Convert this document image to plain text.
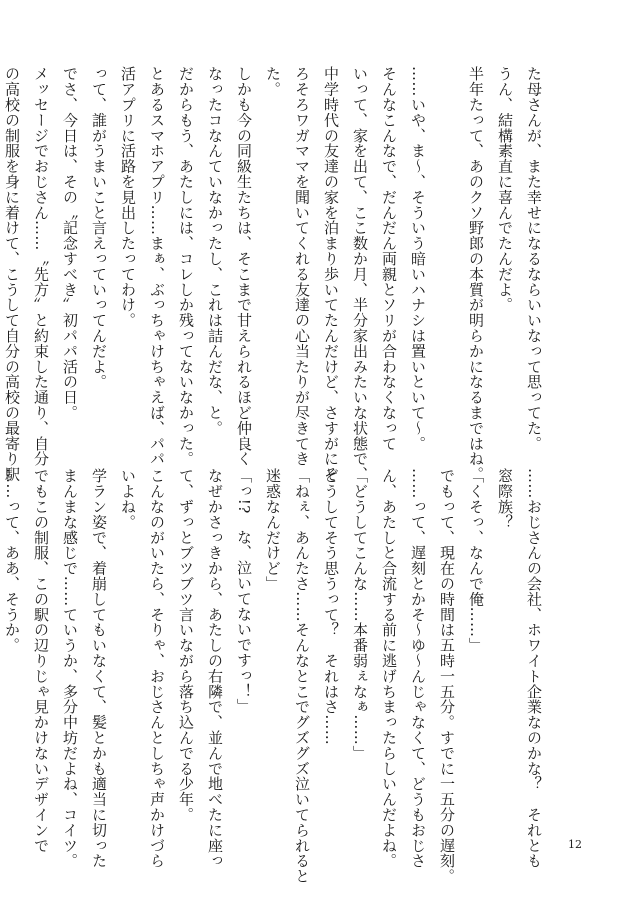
た母さんが、また幸せになるならいいなって思ってた。
うん、結構素直に喜んでたんだよ。
半年たって、あのクソ野郎の本質が明らかになるまではね。

……いや、ま〜、そういう暗いハナシは置いといて〜。
そんなこんなで、だんだん両親とソリが合わなくなって
いって、家を出て、ここ数か月、半分家出みたいな状態で、
中学時代の友達の家を泊まり歩いてたんだけど、さすがにそ
ろそろワガママを聞いてくれる友達の心当たりが尽きてき
た。
しかも今の同級生たちは、そこまで甘えられるほど仲良く
なったコなんていなかったし、これは詰んだな、と。
だからもう、あたしには、コレしか残ってないなかった。
とあるスマホアプリ……まぁ、ぶっちゃけちゃえば、パパ
活アプリに活路を見出したってわけ。
って、誰がうまいこと言えっていってんだよ。
でさ、今日は、その〝記念すべき〟初パパ活の日。
メッセージでおじさん……〝先方〟と約束した通り、自分
の高校の制服を身に着けて、こうして自分の高校の最寄り駅
……おじさんの会社、ホワイト企業なのかな？　それとも
窓際族？
「くそっ、なんで俺……」
でもって、現在の時間は五時一五分。すでに一五分の遅刻。
……って、遅刻とかそ〜ゆ〜んじゃなくて、どうもおじさ
ん、あたしと合流する前に逃げちまったらしいんだよね。
「どうしてこんな……本番弱ぇなぁ……」
どうしてそう思うって？　それはさ……
「ねぇ、あんたさ……そんなとこでグズグズ泣いてられると
迷惑なんだけど」
「っ!?　な、泣いてないですっ！」
なぜかさっきから、あたしの右隣で、並んで地べたに座っ
て、ずっとブツブツ言いながら落ち込んでる少年。
こんなのがいたら、そりゃ、おじさんとしちゃ声かけづら
いよね。
学ラン姿で、着崩してもいなくて、髪とかも適当に切った
まんまな感じで……ていうか、多分中坊だよね、コイツ。
でもこの制服、この駅の辺りじゃ見かけないデザインで
……って、ああ、そうか。
12
